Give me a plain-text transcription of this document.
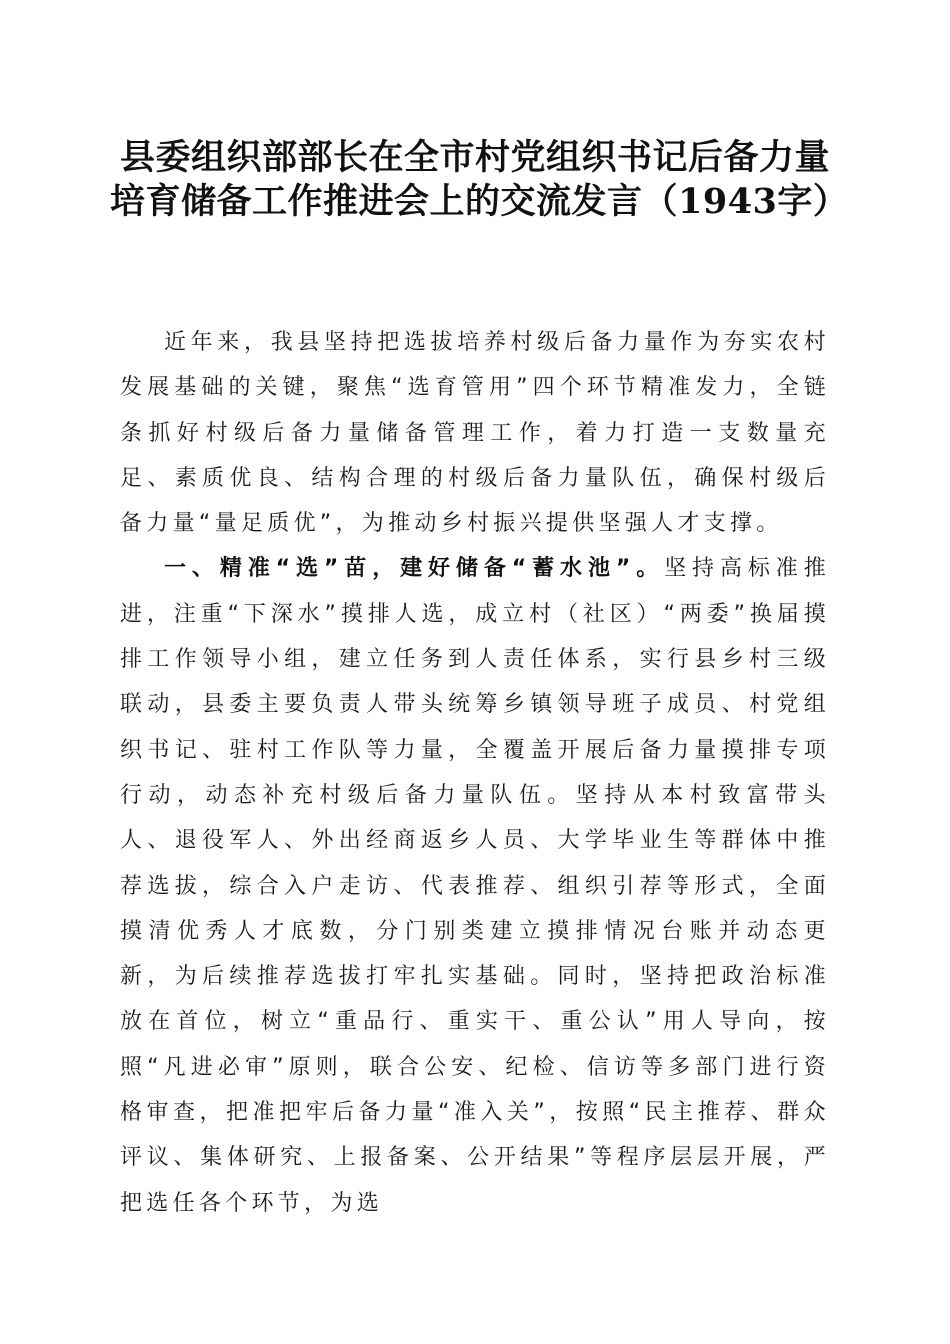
县委组织部部长在全市村党组织书记后备力量培育储备工作推进会上的交流发言（1943字）

近年来，我县坚持把选拔培养村级后备力量作为夯实农村发展基础的关键，聚焦“选育管用”四个环节精准发力，全链条抓好村级后备力量储备管理工作，着力打造一支数量充足、素质优良、结构合理的村级后备力量队伍，确保村级后备力量“量足质优”，为推动乡村振兴提供坚强人才支撑。

一、精准“选”苗，建好储备“蓄水池”。坚持高标准推进，注重“下深水”摸排人选，成立村（社区）“两委”换届摸排工作领导小组，建立任务到人责任体系，实行县乡村三级联动，县委主要负责人带头统筹乡镇领导班子成员、村党组织书记、驻村工作队等力量，全覆盖开展后备力量摸排专项行动，动态补充村级后备力量队伍。坚持从本村致富带头人、退役军人、外出经商返乡人员、大学毕业生等群体中推荐选拔，综合入户走访、代表推荐、组织引荐等形式，全面摸清优秀人才底数，分门别类建立摸排情况台账并动态更新，为后续推荐选拔打牢扎实基础。同时，坚持把政治标准放在首位，树立“重品行、重实干、重公认”用人导向，按照“凡进必审”原则，联合公安、纪检、信访等多部门进行资格审查，把准把牢后备力量“准入关”，按照“民主推荐、群众评议、集体研究、上报备案、公开结果”等程序层层开展，严把选任各个环节，为选
